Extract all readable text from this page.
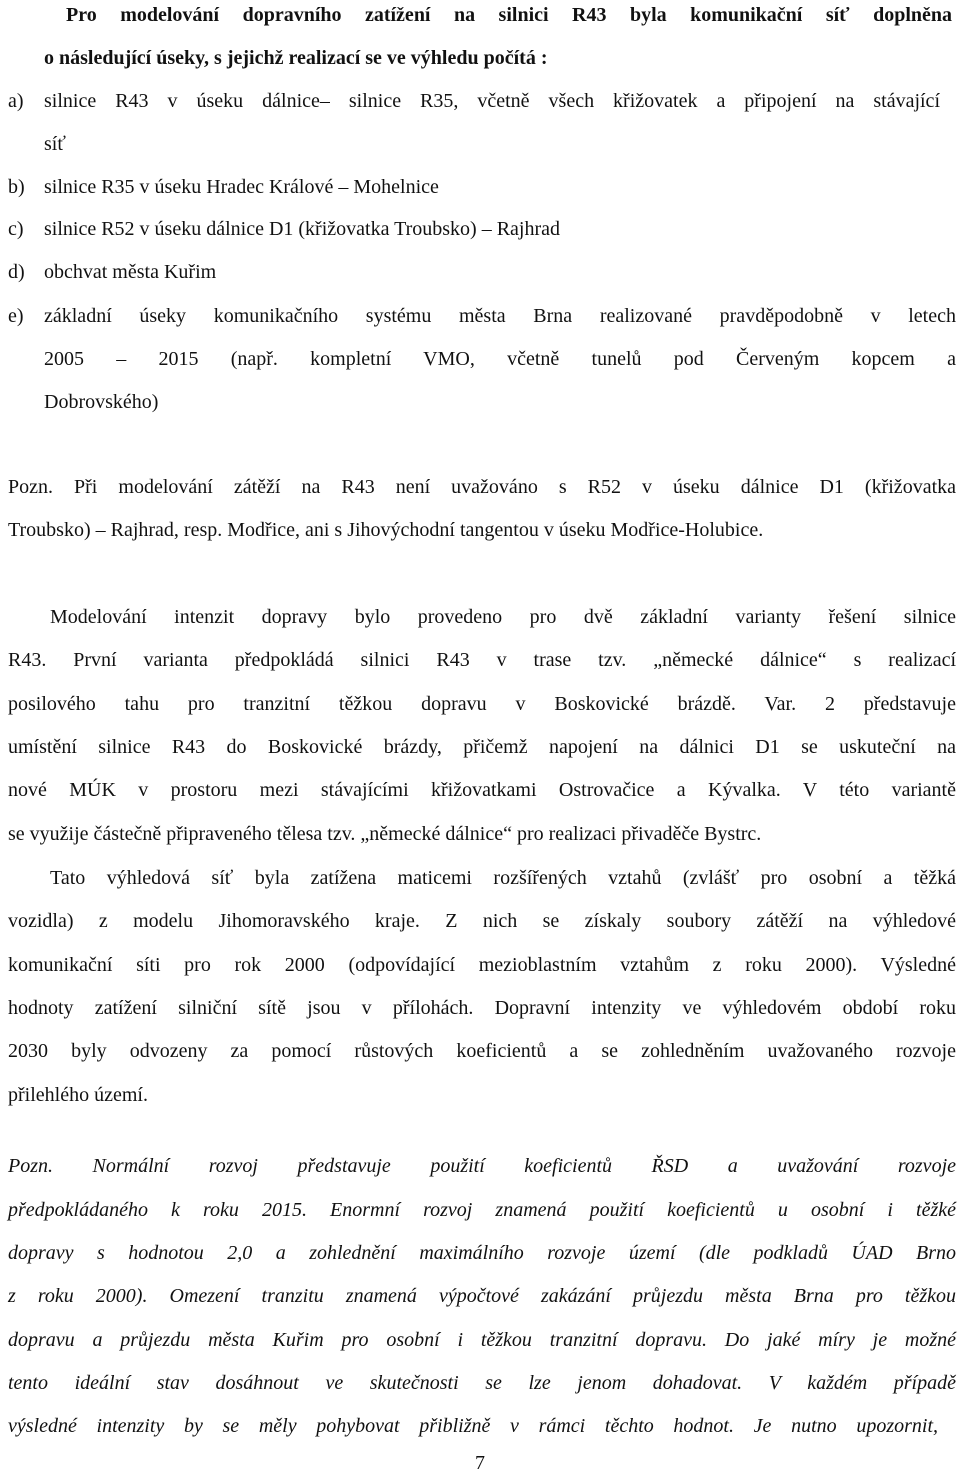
Pro modelování dopravního zatížení na silnici R43 byla komunikační síť doplněna
o následující úseky, s jejichž realizací se ve výhledu počítá :
a) silnice R43 v úseku dálnice– silnice R35, včetně všech křižovatek a připojení na stávající
síť
b) silnice R35 v úseku Hradec Králové – Mohelnice
c) silnice R52 v úseku dálnice D1 (křižovatka Troubsko) – Rajhrad
d) obchvat města Kuřim
e) základní úseky komunikačního systému města Brna realizované pravděpodobně v letech
2005 – 2015 (např. kompletní VMO, včetně tunelů pod Červeným kopcem a
Dobrovského)
Pozn. Při modelování zátěží na R43 není uvažováno s R52 v úseku dálnice D1 (křižovatka
Troubsko) – Rajhrad, resp. Modřice, ani s Jihovýchodní tangentou v úseku Modřice-Holubice.
Modelování intenzit dopravy bylo provedeno pro dvě základní varianty řešení silnice
R43. První varianta předpokládá silnici R43 v trase tzv. „německé dálnice“ s realizací
posilového tahu pro tranzitní těžkou dopravu v Boskovické brázdě. Var. 2 představuje
umístění silnice R43 do Boskovické brázdy, přičemž napojení na dálnici D1 se uskuteční na
nové MÚK v prostoru mezi stávajícími křižovatkami Ostrovačice a Kývalka. V této variantě
se využije částečně připraveného tělesa tzv. „německé dálnice“ pro realizaci přivaděče Bystrc.
Tato výhledová síť byla zatížena maticemi rozšířených vztahů (zvlášť pro osobní a těžká
vozidla) z modelu Jihomoravského kraje. Z nich se získaly soubory zátěží na výhledové
komunikační síti pro rok 2000 (odpovídající mezioblastním vztahům z roku 2000). Výsledné
hodnoty zatížení silniční sítě jsou v přílohách. Dopravní intenzity ve výhledovém období roku
2030 byly odvozeny za pomocí růstových koeficientů a se zohledněním uvažovaného rozvoje
přilehlého území.
Pozn. Normální rozvoj představuje použití koeficientů ŘSD a uvažování rozvoje
předpokládaného k roku 2015. Enormní rozvoj znamená použití koeficientů u osobní i těžké
dopravy s hodnotou 2,0 a zohlednění maximálního rozvoje území (dle podkladů ÚAD Brno
z roku 2000). Omezení tranzitu znamená výpočtové zakázání průjezdu města Brna pro těžkou
dopravu a průjezdu města Kuřim pro osobní i těžkou tranzitní dopravu. Do jaké míry je možné
tento ideální stav dosáhnout ve skutečnosti se lze jenom dohadovat. V každém případě
výsledné intenzity by se měly pohybovat přibližně v rámci těchto hodnot. Je nutno upozornit,
7
